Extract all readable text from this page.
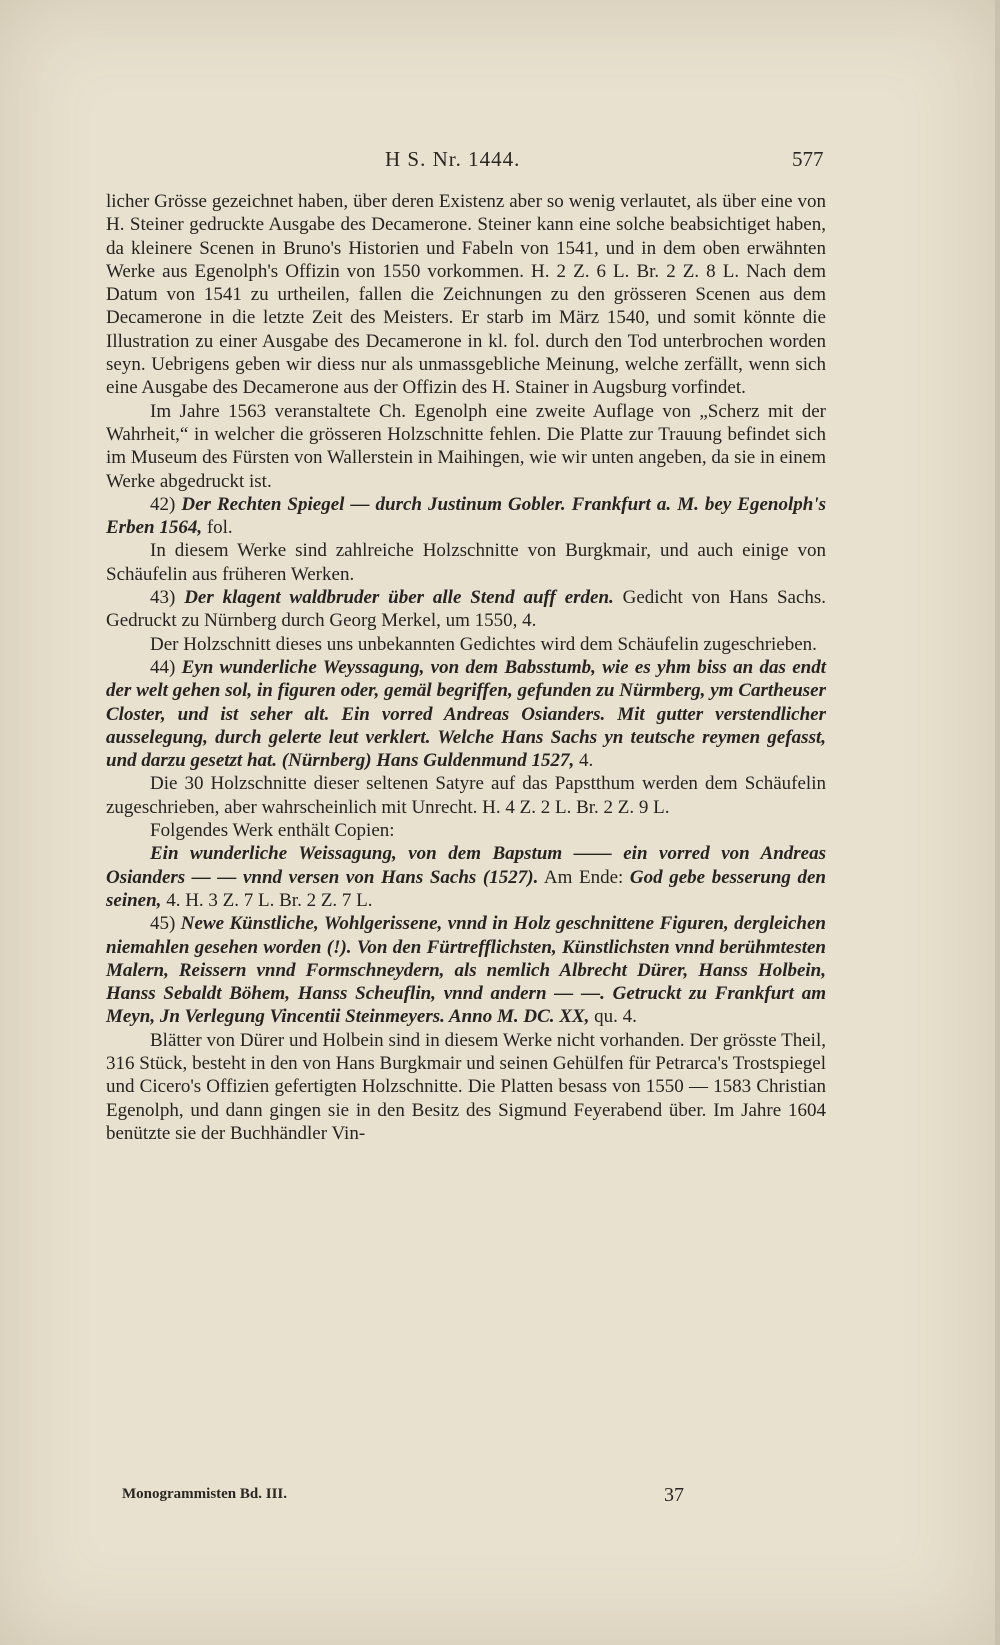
H S. Nr. 1444.	577

licher Grösse gezeichnet haben, über deren Existenz aber so wenig verlautet, als über eine von H. Steiner gedruckte Ausgabe des Decamerone. Steiner kann eine solche beabsichtiget haben, da kleinere Scenen in Bruno's Historien und Fabeln von 1541, und in dem oben erwähnten Werke aus Egenolph's Offizin von 1550 vorkommen. H. 2 Z. 6 L. Br. 2 Z. 8 L. Nach dem Datum von 1541 zu urtheilen, fallen die Zeichnungen zu den grösseren Scenen aus dem Decamerone in die letzte Zeit des Meisters. Er starb im März 1540, und somit könnte die Illustration zu einer Ausgabe des Decamerone in kl. fol. durch den Tod unterbrochen worden seyn. Uebrigens geben wir diess nur als unmassgebliche Meinung, welche zerfällt, wenn sich eine Ausgabe des Decamerone aus der Offizin des H. Stainer in Augsburg vorfindet.

Im Jahre 1563 veranstaltete Ch. Egenolph eine zweite Auflage von „Scherz mit der Wahrheit,“ in welcher die grösseren Holzschnitte fehlen. Die Platte zur Trauung befindet sich im Museum des Fürsten von Wallerstein in Maihingen, wie wir unten angeben, da sie in einem Werke abgedruckt ist.

42) Der Rechten Spiegel — durch Justinum Gobler. Frankfurt a. M. bey Egenolph's Erben 1564, fol.

In diesem Werke sind zahlreiche Holzschnitte von Burgkmair, und auch einige von Schäufelin aus früheren Werken.

43) Der klagent waldbruder über alle Stend auff erden. Gedicht von Hans Sachs. Gedruckt zu Nürnberg durch Georg Merkel, um 1550, 4.

Der Holzschnitt dieses uns unbekannten Gedichtes wird dem Schäufelin zugeschrieben.

44) Eyn wunderliche Weyssagung, von dem Babsstumb, wie es yhm biss an das endt der welt gehen sol, in figuren oder, gemäl begriffen, gefunden zu Nürmberg, ym Cartheuser Closter, und ist seher alt. Ein vorred Andreas Osianders. Mit gutter verstendlicher ausselegung, durch gelerte leut verklert. Welche Hans Sachs yn teutsche reymen gefasst, und darzu gesetzt hat. (Nürnberg) Hans Guldenmund 1527, 4.

Die 30 Holzschnitte dieser seltenen Satyre auf das Papstthum werden dem Schäufelin zugeschrieben, aber wahrscheinlich mit Unrecht. H. 4 Z. 2 L. Br. 2 Z. 9 L.

Folgendes Werk enthält Copien:

Ein wunderliche Weissagung, von dem Bapstum —— ein vorred von Andreas Osianders — — vnnd versen von Hans Sachs (1527). Am Ende: God gebe besserung den seinen, 4. H. 3 Z. 7 L. Br. 2 Z. 7 L.

45) Newe Künstliche, Wohlgerissene, vnnd in Holz geschnittene Figuren, dergleichen niemahlen gesehen worden (!). Von den Fürtrefflichsten, Künstlichsten vnnd berühmtesten Malern, Reissern vnnd Formschneydern, als nemlich Albrecht Dürer, Hanss Holbein, Hanss Sebaldt Böhem, Hanss Scheuflin, vnnd andern — —. Getruckt zu Frankfurt am Meyn, Jn Verlegung Vincentii Steinmeyers. Anno M. DC. XX, qu. 4.

Blätter von Dürer und Holbein sind in diesem Werke nicht vorhanden. Der grösste Theil, 316 Stück, besteht in den von Hans Burgkmair und seinen Gehülfen für Petrarca's Trostspiegel und Cicero's Offizien gefertigten Holzschnitte. Die Platten besass von 1550 — 1583 Christian Egenolph, und dann gingen sie in den Besitz des Sigmund Feyerabend über. Im Jahre 1604 benützte sie der Buchhändler Vin-

Monogrammisten Bd. III.	37
